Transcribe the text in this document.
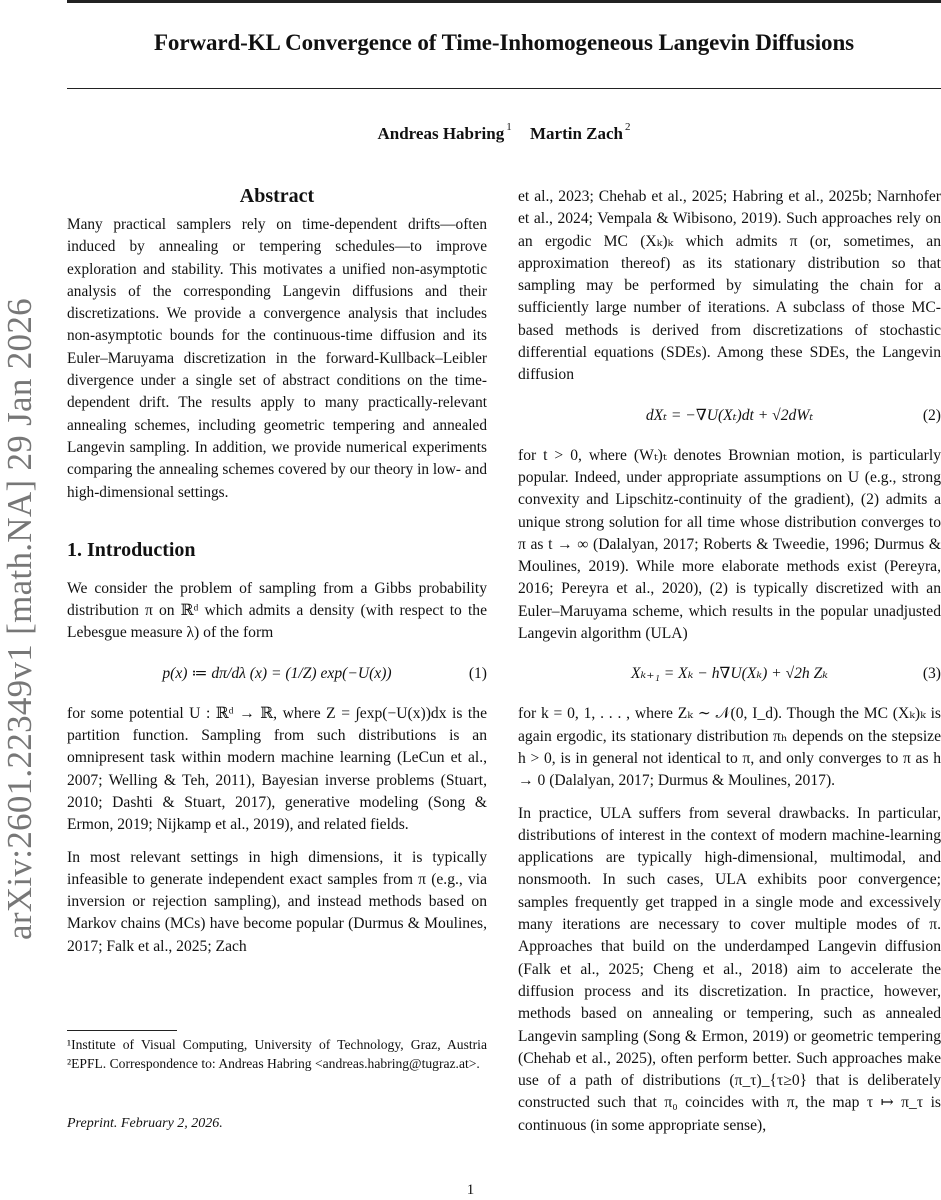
Forward-KL Convergence of Time-Inhomogeneous Langevin Diffusions
Andreas Habring $^1$ Martin Zach $^2$
arXiv:2601.22349v1 [math.NA] 29 Jan 2026
Abstract

Many practical samplers rely on time-dependent drifts—often induced by annealing or tempering schedules—to improve exploration and stability. This motivates a unified non-asymptotic analysis of the corresponding Langevin diffusions and their discretizations. We provide a convergence analysis that includes non-asymptotic bounds for the continuous-time diffusion and its Euler–Maruyama discretization in the forward-Kullback–Leibler divergence under a single set of abstract conditions on the time-dependent drift. The results apply to many practically-relevant annealing schemes, including geometric tempering and annealed Langevin sampling. In addition, we provide numerical experiments comparing the annealing schemes covered by our theory in low- and high-dimensional settings.

1. Introduction

We consider the problem of sampling from a Gibbs probability distribution π on ℝᵈ which admits a density (with respect to the Lebesgue measure λ) of the form

p(x) ≔ dπ/dλ (x) = (1/Z) exp(−U(x))	(1)

for some potential U : ℝᵈ → ℝ, where Z = ∫exp(−U(x))dx is the partition function. Sampling from such distributions is an omnipresent task within modern machine learning (LeCun et al., 2007; Welling & Teh, 2011), Bayesian inverse problems (Stuart, 2010; Dashti & Stuart, 2017), generative modeling (Song & Ermon, 2019; Nijkamp et al., 2019), and related fields.

In most relevant settings in high dimensions, it is typically infeasible to generate independent exact samples from π (e.g., via inversion or rejection sampling), and instead methods based on Markov chains (MCs) have become popular (Durmus & Moulines, 2017; Falk et al., 2025; Zach

¹Institute of Visual Computing, University of Technology, Graz, Austria ²EPFL. Correspondence to: Andreas Habring <andreas.habring@tugraz.at>.
Preprint. February 2, 2026.

et al., 2023; Chehab et al., 2025; Habring et al., 2025b; Narnhofer et al., 2024; Vempala & Wibisono, 2019). Such approaches rely on an ergodic MC (Xₖ)ₖ which admits π (or, sometimes, an approximation thereof) as its stationary distribution so that sampling may be performed by simulating the chain for a sufficiently large number of iterations. A subclass of those MC-based methods is derived from discretizations of stochastic differential equations (SDEs). Among these SDEs, the Langevin diffusion

dXₜ = −∇U(Xₜ)dt + √2dWₜ	(2)

for t > 0, where (Wₜ)ₜ denotes Brownian motion, is particularly popular. Indeed, under appropriate assumptions on U (e.g., strong convexity and Lipschitz-continuity of the gradient), (2) admits a unique strong solution for all time whose distribution converges to π as t → ∞ (Dalalyan, 2017; Roberts & Tweedie, 1996; Durmus & Moulines, 2019). While more elaborate methods exist (Pereyra, 2016; Pereyra et al., 2020), (2) is typically discretized with an Euler–Maruyama scheme, which results in the popular unadjusted Langevin algorithm (ULA)

Xₖ₊₁ = Xₖ − h∇U(Xₖ) + √2h Zₖ	(3)

for k = 0, 1, . . . , where Zₖ ∼ 𝒩(0, I_d). Though the MC (Xₖ)ₖ is again ergodic, its stationary distribution πₕ depends on the stepsize h > 0, is in general not identical to π, and only converges to π as h → 0 (Dalalyan, 2017; Durmus & Moulines, 2017).

In practice, ULA suffers from several drawbacks. In particular, distributions of interest in the context of modern machine-learning applications are typically high-dimensional, multimodal, and nonsmooth. In such cases, ULA exhibits poor convergence; samples frequently get trapped in a single mode and excessively many iterations are necessary to cover multiple modes of π. Approaches that build on the underdamped Langevin diffusion (Falk et al., 2025; Cheng et al., 2018) aim to accelerate the diffusion process and its discretization. In practice, however, methods based on annealing or tempering, such as annealed Langevin sampling (Song & Ermon, 2019) or geometric tempering (Chehab et al., 2025), often perform better. Such approaches make use of a path of distributions (π_τ)_{τ≥0} that is deliberately constructed such that π₀ coincides with π, the map τ ↦ π_τ is continuous (in some appropriate sense),

1
